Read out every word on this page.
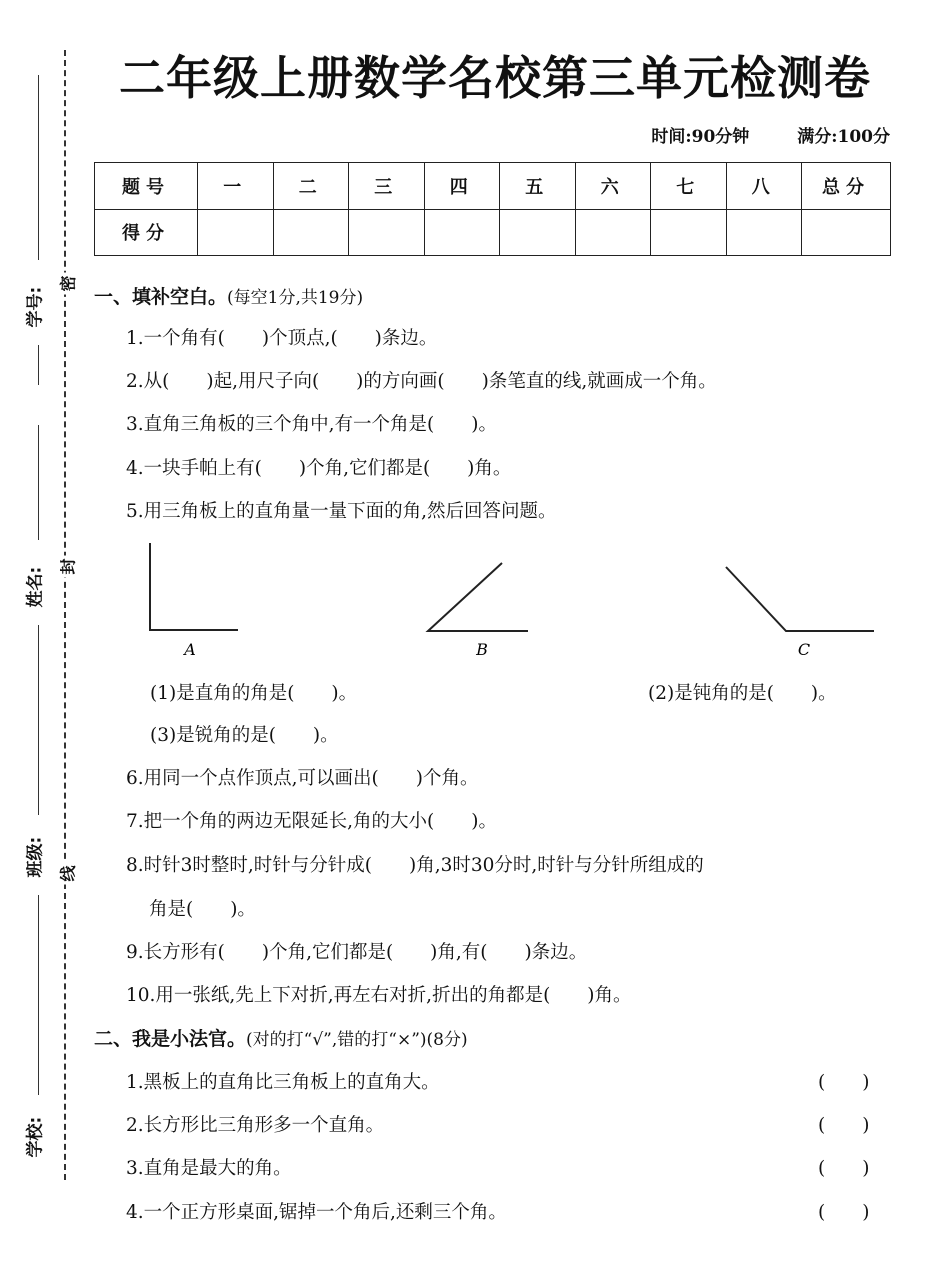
学号:
姓名:
班级:
学校:
密
封
线
二年级上册数学名校第三单元检测卷
时间:90分钟	满分:100分
题号	一	二	三	四	五	六	七	八	总分
得分									
一、填补空白。(每空1分,共19分)
1.一个角有(　　)个顶点,(　　)条边。
2.从(　　)起,用尺子向(　　)的方向画(　　)条笔直的线,就画成一个角。
3.直角三角板的三个角中,有一个角是(　　)。
4.一块手帕上有(　　)个角,它们都是(　　)角。
5.用三角板上的直角量一量下面的角,然后回答问题。
A	B	C
(1)是直角的角是(　　)。	(2)是钝角的是(　　)。
(3)是锐角的是(　　)。
6.用同一个点作顶点,可以画出(　　)个角。
7.把一个角的两边无限延长,角的大小(　　)。
8.时针3时整时,时针与分针成(　　)角,3时30分时,时针与分针所组成的
角是(　　)。
9.长方形有(　　)个角,它们都是(　　)角,有(　　)条边。
10.用一张纸,先上下对折,再左右对折,折出的角都是(　　)角。
二、我是小法官。(对的打“√”,错的打“×”)(8分)
1.黑板上的直角比三角板上的直角大。	(　　)
2.长方形比三角形多一个直角。	(　　)
3.直角是最大的角。	(　　)
4.一个正方形桌面,锯掉一个角后,还剩三个角。	(　　)
